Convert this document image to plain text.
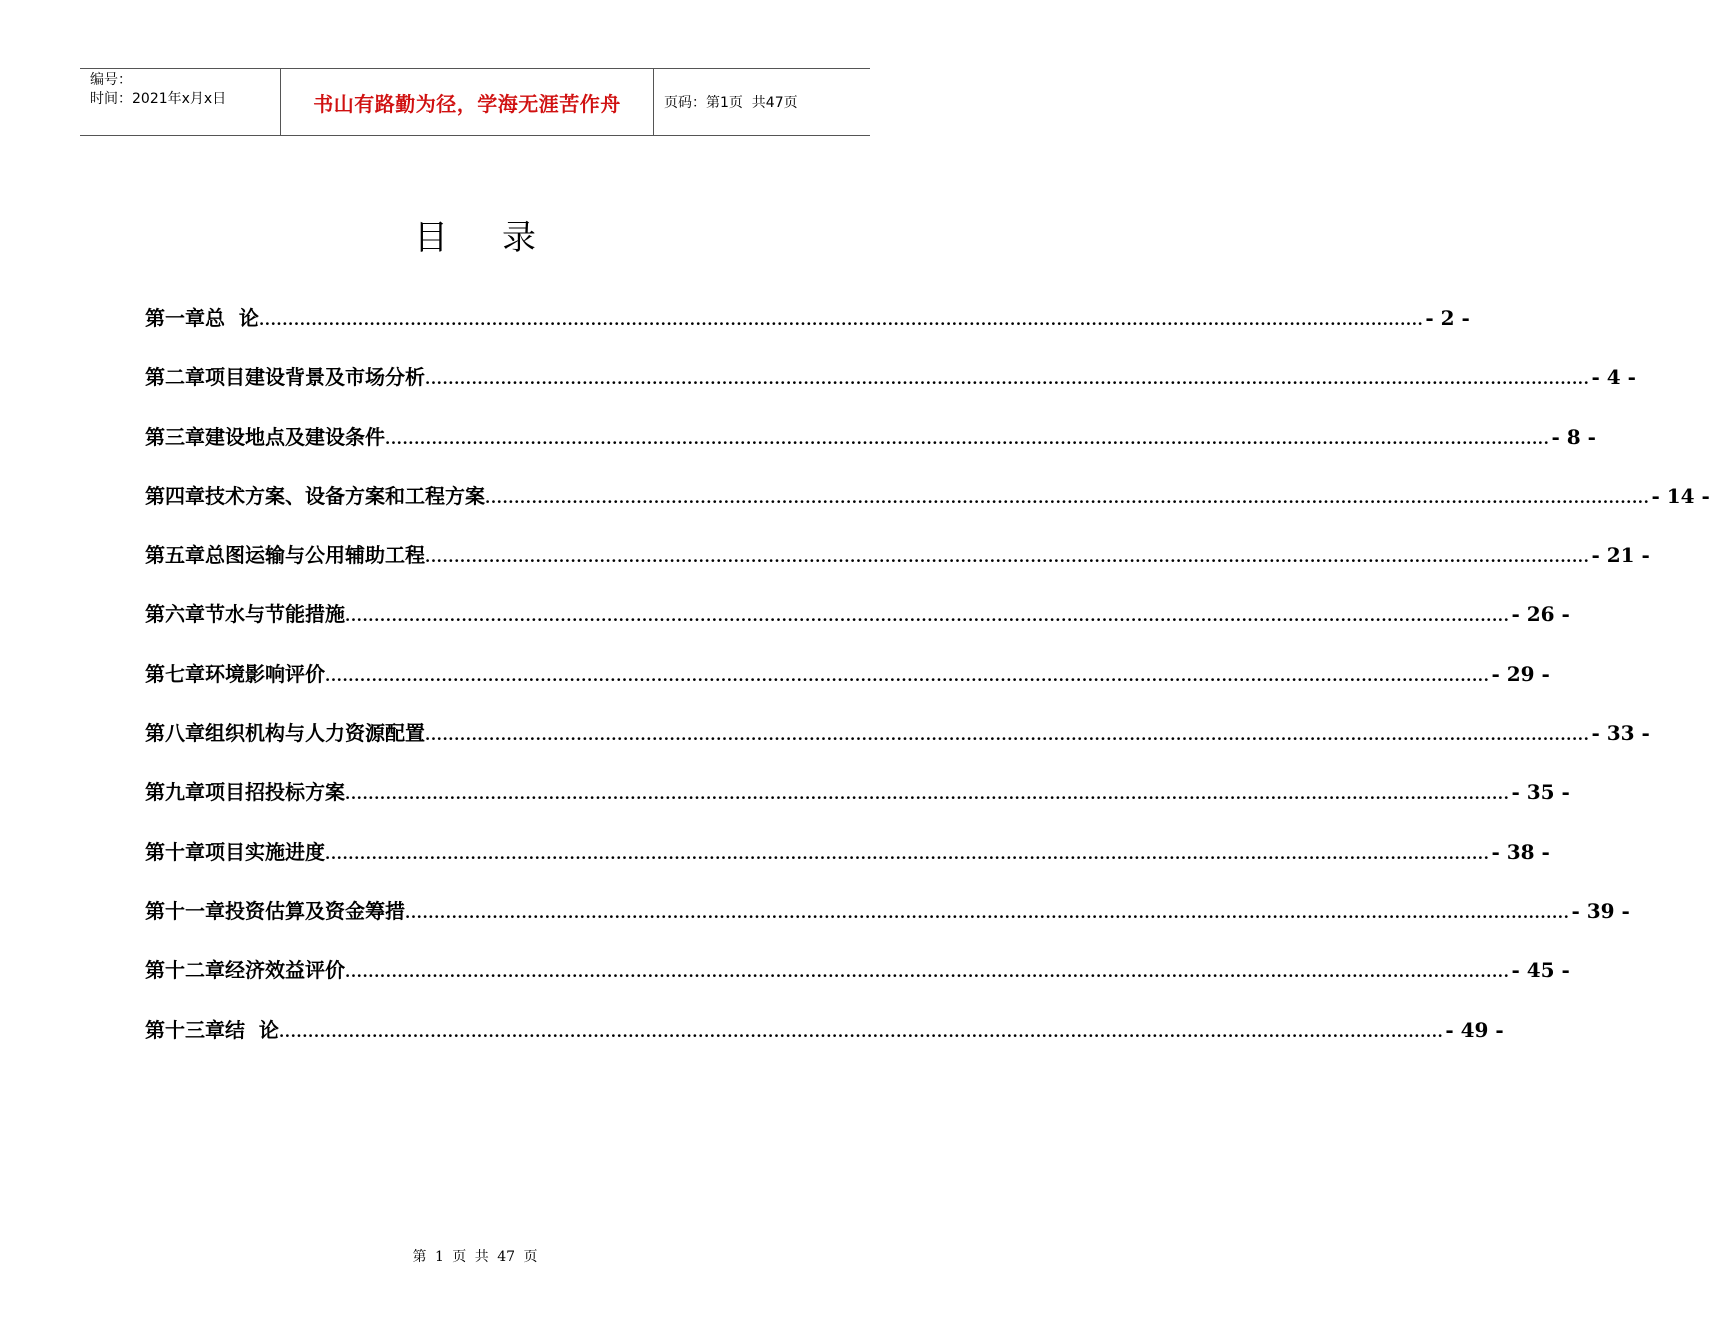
编号：
时间：2021年x月x日	书山有路勤为径，学海无涯苦作舟	页码：第1页  共47页
目 录
第一章 总  论 ........................................................................................................................................................................................................ - 2 -
第二章 项目建设背景及市场分析 ........................................................................................................................................................................................................ - 4 -
第三章 建设地点及建设条件 ........................................................................................................................................................................................................ - 8 -
第四章 技术方案、设备方案和工程方案 ........................................................................................................................................................................................................ - 14 -
第五章 总图运输与公用辅助工程 ........................................................................................................................................................................................................ - 21 -
第六章 节水与节能措施 ........................................................................................................................................................................................................ - 26 -
第七章 环境影响评价 ........................................................................................................................................................................................................ - 29 -
第八章 组织机构与人力资源配置 ........................................................................................................................................................................................................ - 33 -
第九章 项目招投标方案 ........................................................................................................................................................................................................ - 35 -
第十章 项目实施进度 ........................................................................................................................................................................................................ - 38 -
第十一章 投资估算及资金筹措 ........................................................................................................................................................................................................ - 39 -
第十二章 经济效益评价 ........................................................................................................................................................................................................ - 45 -
第十三章 结  论 ........................................................................................................................................................................................................ - 49 -
第 1 页 共 47 页
